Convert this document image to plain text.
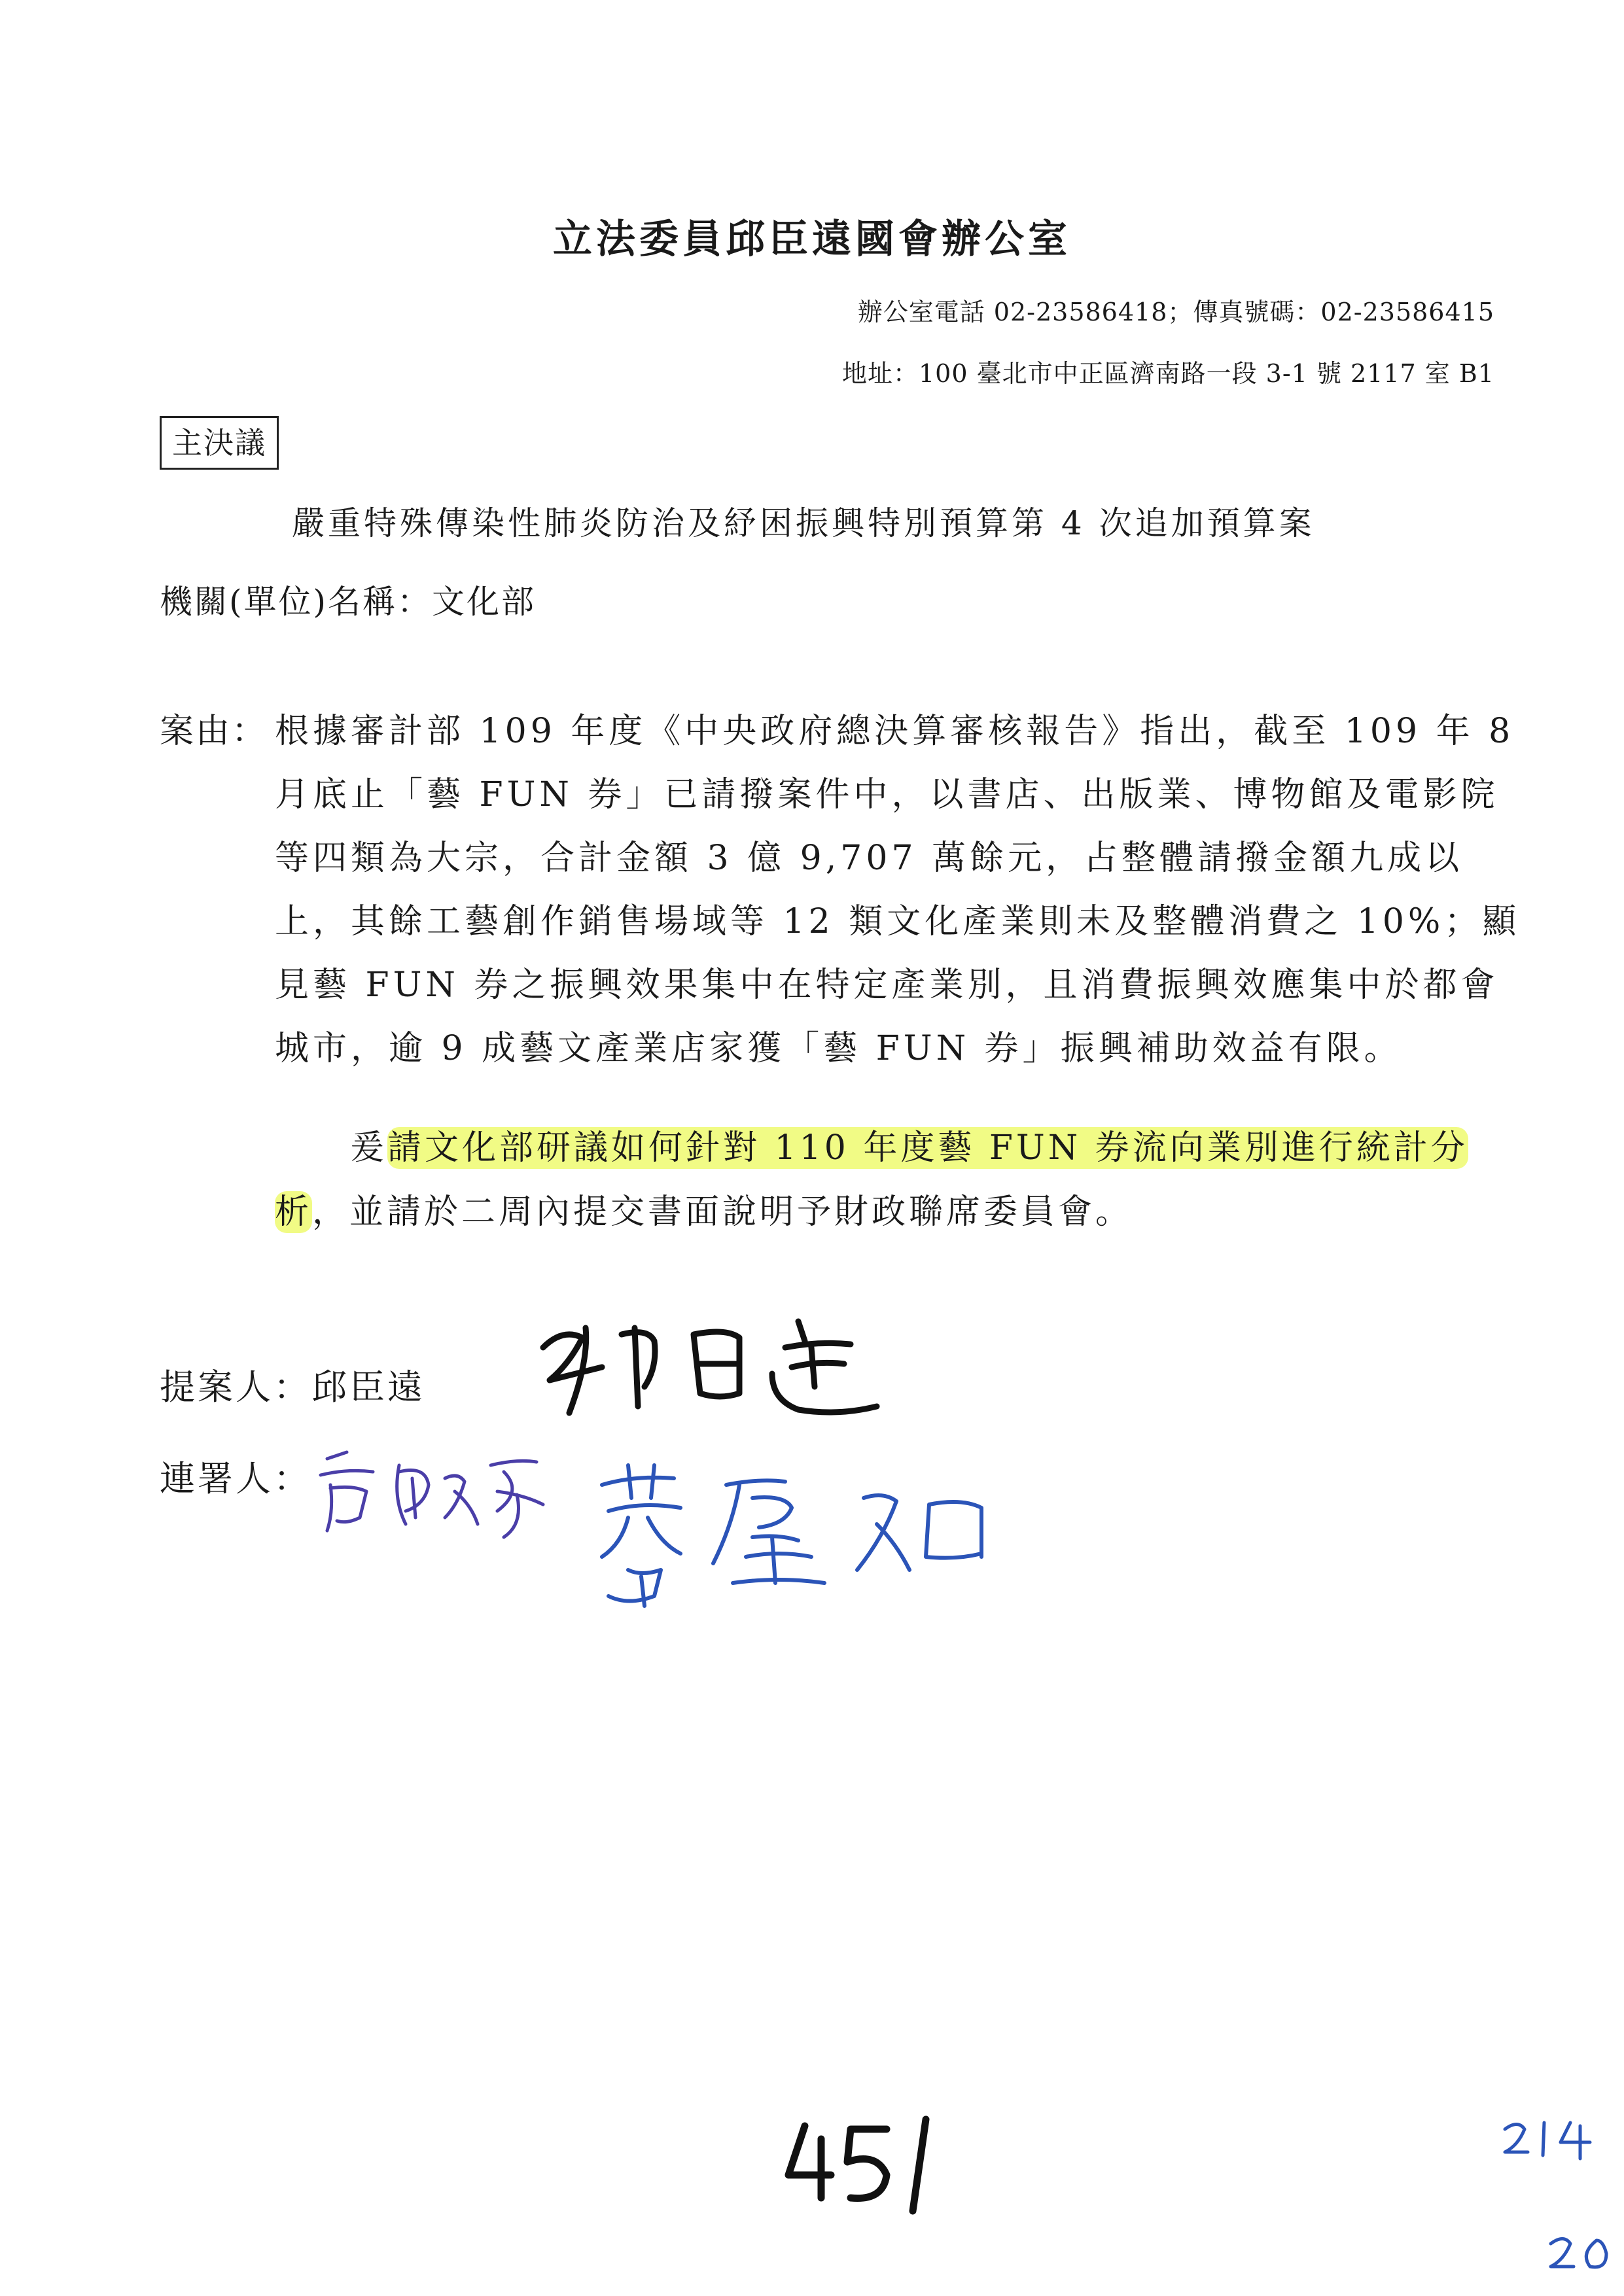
立法委員邱臣遠國會辦公室
辦公室電話 02-23586418；傳真號碼：02-23586415
地址：100 臺北市中正區濟南路一段 3-1 號 2117 室 B1
主決議
嚴重特殊傳染性肺炎防治及紓困振興特別預算第 4 次追加預算案
機關(單位)名稱：文化部
案由： 根據審計部 109 年度《中央政府總決算審核報告》指出，截至 109 年 8
月底止「藝 FUN 券」已請撥案件中，以書店、出版業、博物館及電影院
等四類為大宗，合計金額 3 億 9,707 萬餘元，占整體請撥金額九成以
上，其餘工藝創作銷售場域等 12 類文化產業則未及整體消費之 10%；顯
見藝 FUN 券之振興效果集中在特定產業別，且消費振興效應集中於都會
城市，逾 9 成藝文產業店家獲「藝 FUN 券」振興補助效益有限。
爰請文化部研議如何針對 110 年度藝 FUN 券流向業別進行統計分
析，並請於二周內提交書面說明予財政聯席委員會。
提案人：邱臣遠
連署人：
